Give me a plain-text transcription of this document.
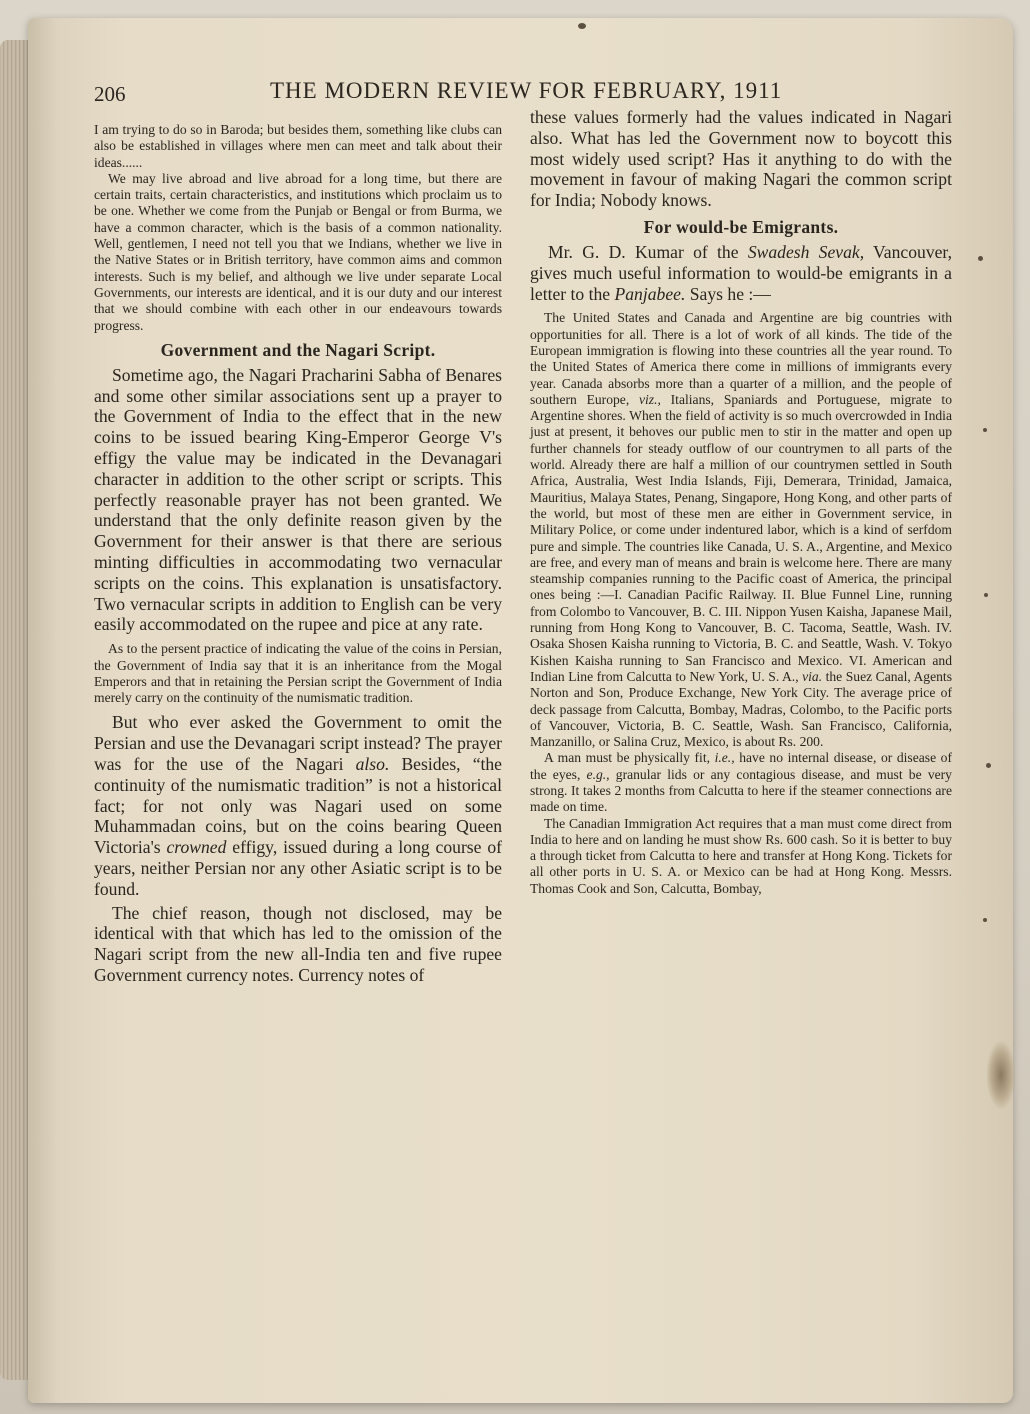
206	THE MODERN REVIEW FOR FEBRUARY, 1911

I am trying to do so in Baroda; but besides them, something like clubs can also be established in villages where men can meet and talk about their ideas......

We may live abroad and live abroad for a long time, but there are certain traits, certain characteristics, and institutions which proclaim us to be one. Whether we come from the Punjab or Bengal or from Burma, we have a common character, which is the basis of a common nationality. Well, gentlemen, I need not tell you that we Indians, whether we live in the Native States or in British territory, have common aims and common interests. Such is my belief, and although we live under separate Local Governments, our interests are identical, and it is our duty and our interest that we should combine with each other in our endeavours towards progress.

Government and the Nagari Script.

Sometime ago, the Nagari Pracharini Sabha of Benares and some other similar associations sent up a prayer to the Government of India to the effect that in the new coins to be issued bearing King-Emperor George V's effigy the value may be indicated in the Devanagari character in addition to the other script or scripts. This perfectly reasonable prayer has not been granted. We understand that the only definite reason given by the Government for their answer is that there are serious minting difficulties in accommodating two vernacular scripts on the coins. This explanation is unsatisfactory. Two vernacular scripts in addition to English can be very easily accommodated on the rupee and pice at any rate.

As to the persent practice of indicating the value of the coins in Persian, the Government of India say that it is an inheritance from the Mogal Emperors and that in retaining the Persian script the Government of India merely carry on the continuity of the numismatic tradition.

But who ever asked the Government to omit the Persian and use the Devanagari script instead? The prayer was for the use of the Nagari also. Besides, “the continuity of the numismatic tradition” is not a historical fact; for not only was Nagari used on some Muhammadan coins, but on the coins bearing Queen Victoria's crowned effigy, issued during a long course of years, neither Persian nor any other Asiatic script is to be found.

The chief reason, though not disclosed, may be identical with that which has led to the omission of the Nagari script from the new all-India ten and five rupee Government currency notes. Currency notes of

these values formerly had the values indicated in Nagari also. What has led the Government now to boycott this most widely used script? Has it anything to do with the movement in favour of making Nagari the common script for India; Nobody knows.

For would-be Emigrants.

Mr. G. D. Kumar of the Swadesh Sevak, Vancouver, gives much useful information to would-be emigrants in a letter to the Panjabee. Says he :—

The United States and Canada and Argentine are big countries with opportunities for all. There is a lot of work of all kinds. The tide of the European immigration is flowing into these countries all the year round. To the United States of America there come in millions of immigrants every year. Canada absorbs more than a quarter of a million, and the people of southern Europe, viz., Italians, Spaniards and Portuguese, migrate to Argentine shores. When the field of activity is so much overcrowded in India just at present, it behoves our public men to stir in the matter and open up further channels for steady outflow of our countrymen to all parts of the world. Already there are half a million of our countrymen settled in South Africa, Australia, West India Islands, Fiji, Demerara, Trinidad, Jamaica, Mauritius, Malaya States, Penang, Singapore, Hong Kong, and other parts of the world, but most of these men are either in Government service, in Military Police, or come under indentured labor, which is a kind of serfdom pure and simple. The countries like Canada, U. S. A., Argentine, and Mexico are free, and every man of means and brain is welcome here. There are many steamship companies running to the Pacific coast of America, the principal ones being :—I. Canadian Pacific Railway. II. Blue Funnel Line, running from Colombo to Vancouver, B. C. III. Nippon Yusen Kaisha, Japanese Mail, running from Hong Kong to Vancouver, B. C. Tacoma, Seattle, Wash. IV. Osaka Shosen Kaisha running to Victoria, B. C. and Seattle, Wash. V. Tokyo Kishen Kaisha running to San Francisco and Mexico. VI. American and Indian Line from Calcutta to New York, U. S. A., via. the Suez Canal, Agents Norton and Son, Produce Exchange, New York City. The average price of deck passage from Calcutta, Bombay, Madras, Colombo, to the Pacific ports of Vancouver, Victoria, B. C. Seattle, Wash. San Francisco, California, Manzanillo, or Salina Cruz, Mexico, is about Rs. 200.

A man must be physically fit, i.e., have no internal disease, or disease of the eyes, e.g., granular lids or any contagious disease, and must be very strong. It takes 2 months from Calcutta to here if the steamer connections are made on time.

The Canadian Immigration Act requires that a man must come direct from India to here and on landing he must show Rs. 600 cash. So it is better to buy a through ticket from Calcutta to here and transfer at Hong Kong. Tickets for all other ports in U. S. A. or Mexico can be had at Hong Kong. Messrs. Thomas Cook and Son, Calcutta, Bombay,
